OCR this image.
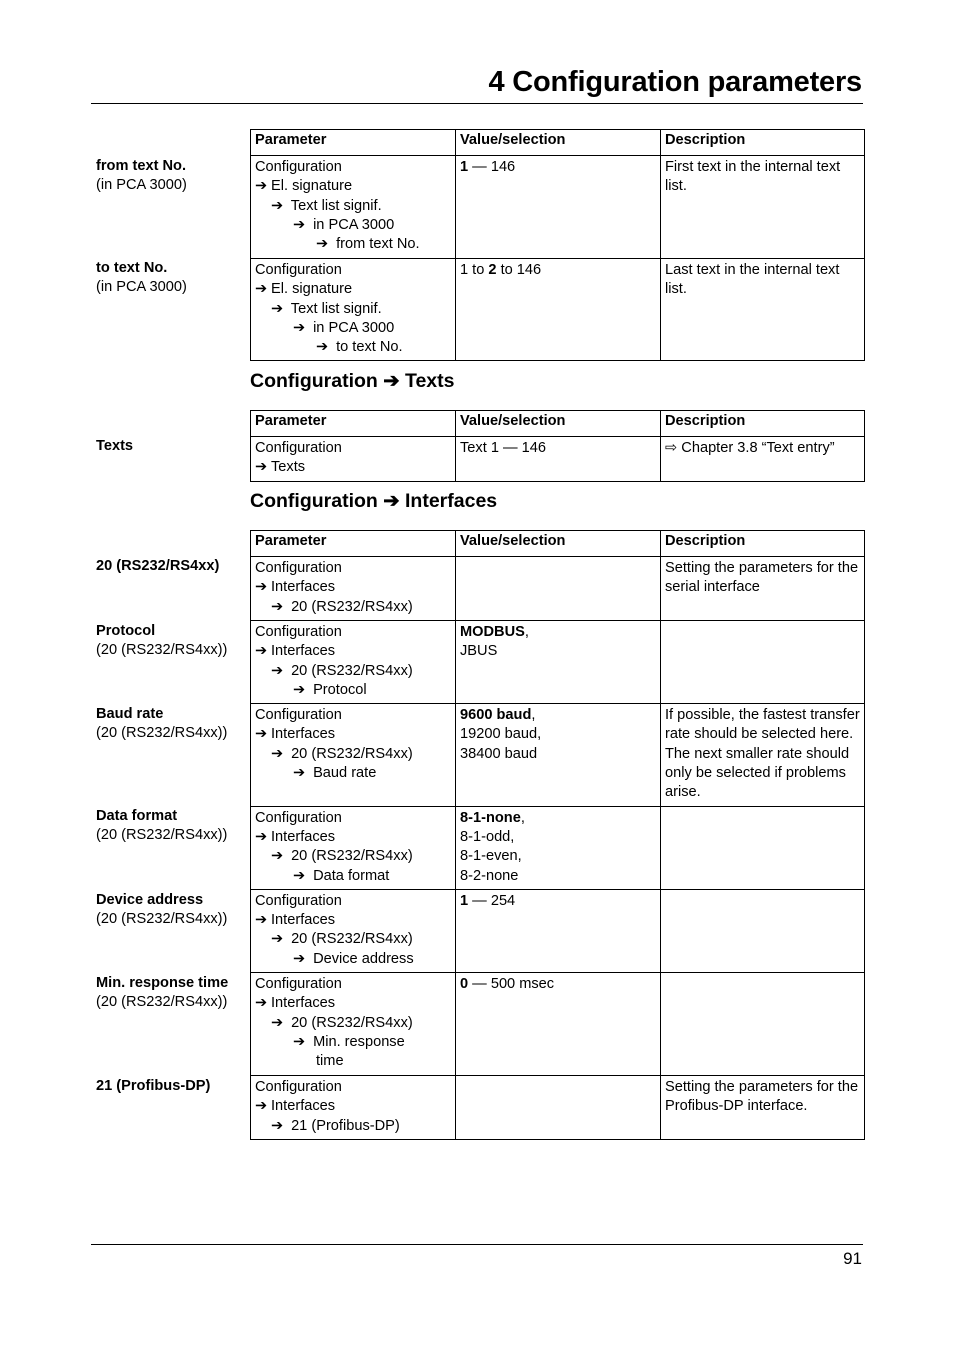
4 Configuration parameters
from text No.
(in PCA 3000)
to text No.
(in PCA 3000)
Parameter	Value/selection	Description

Configuration
➔ El. signature
➔ Text list signif.
➔ in PCA 3000
➔ from text No.	1 — 146	First text in the internal text list.

Configuration
➔ El. signature
➔ Text list signif.
➔ in PCA 3000
➔ to text No.	1 to 2 to 146	Last text in the internal text list.
Configuration ➔ Texts
Texts
Parameter	Value/selection	Description

Configuration
➔ Texts	Text 1 — 146	⇨ Chapter 3.8 “Text entry”
Configuration ➔ Interfaces
20 (RS232/RS4xx)
Protocol
(20 (RS232/RS4xx))
Baud rate
(20 (RS232/RS4xx))
Data format
(20 (RS232/RS4xx))
Device address
(20 (RS232/RS4xx))
Min. response time
(20 (RS232/RS4xx))
21 (Profibus-DP)
Parameter	Value/selection	Description

Configuration
➔ Interfaces
➔ 20 (RS232/RS4xx)		Setting the parameters for the serial interface

Configuration
➔ Interfaces
➔ 20 (RS232/RS4xx)
➔ Protocol	MODBUS,
JBUS	

Configuration
➔ Interfaces
➔ 20 (RS232/RS4xx)
➔ Baud rate	9600 baud,
19200 baud,
38400 baud	If possible, the fastest transfer rate should be selected here. The next smaller rate should only be selected if problems arise.

Configuration
➔ Interfaces
➔ 20 (RS232/RS4xx)
➔ Data format	8-1-none,
8-1-odd,
8-1-even,
8-2-none	

Configuration
➔ Interfaces
➔ 20 (RS232/RS4xx)
➔ Device address	1 — 254	

Configuration
➔ Interfaces
➔ 20 (RS232/RS4xx)
➔ Min. response
time	0 — 500 msec	

Configuration
➔ Interfaces
➔ 21 (Profibus-DP)		Setting the parameters for the Profibus-DP interface.
91
